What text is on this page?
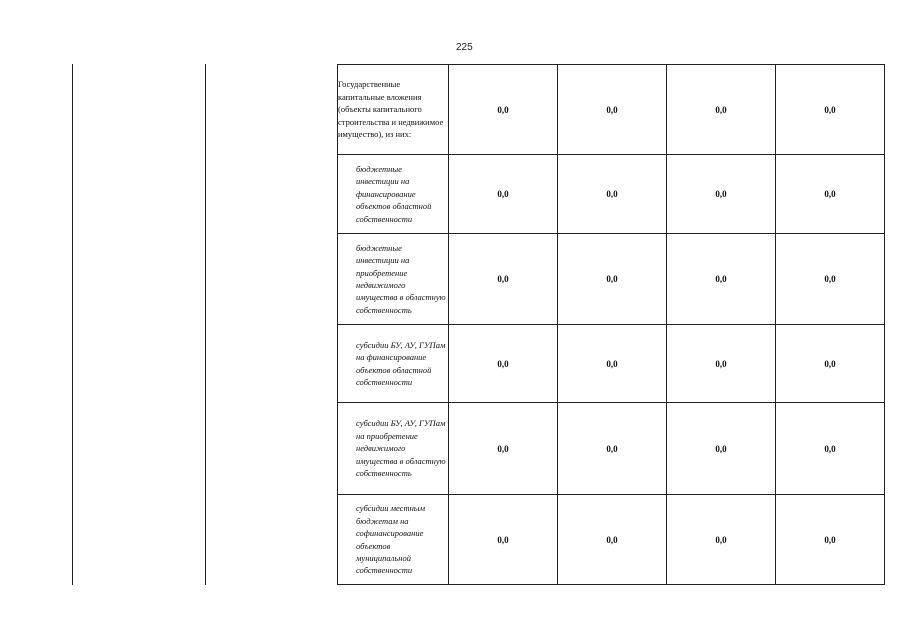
225
Государственные капитальные вложения (объекты капитального строительства и недвижимое имущество), из них:	0,0	0,0	0,0	0,0
бюджетные инвестиции на финансирование объектов областной собственности	0,0	0,0	0,0	0,0
бюджетные инвестиции на приобретение недвижимого имущества в областную собственность	0,0	0,0	0,0	0,0
субсидии БУ, АУ, ГУПам на финансирование объектов областной собственности	0,0	0,0	0,0	0,0
субсидии БУ, АУ, ГУПам на приобретение недвижимого имущества в областную собственность	0,0	0,0	0,0	0,0
субсидии местным бюджетам на софинансирование объектов муниципальной собственности	0,0	0,0	0,0	0,0
